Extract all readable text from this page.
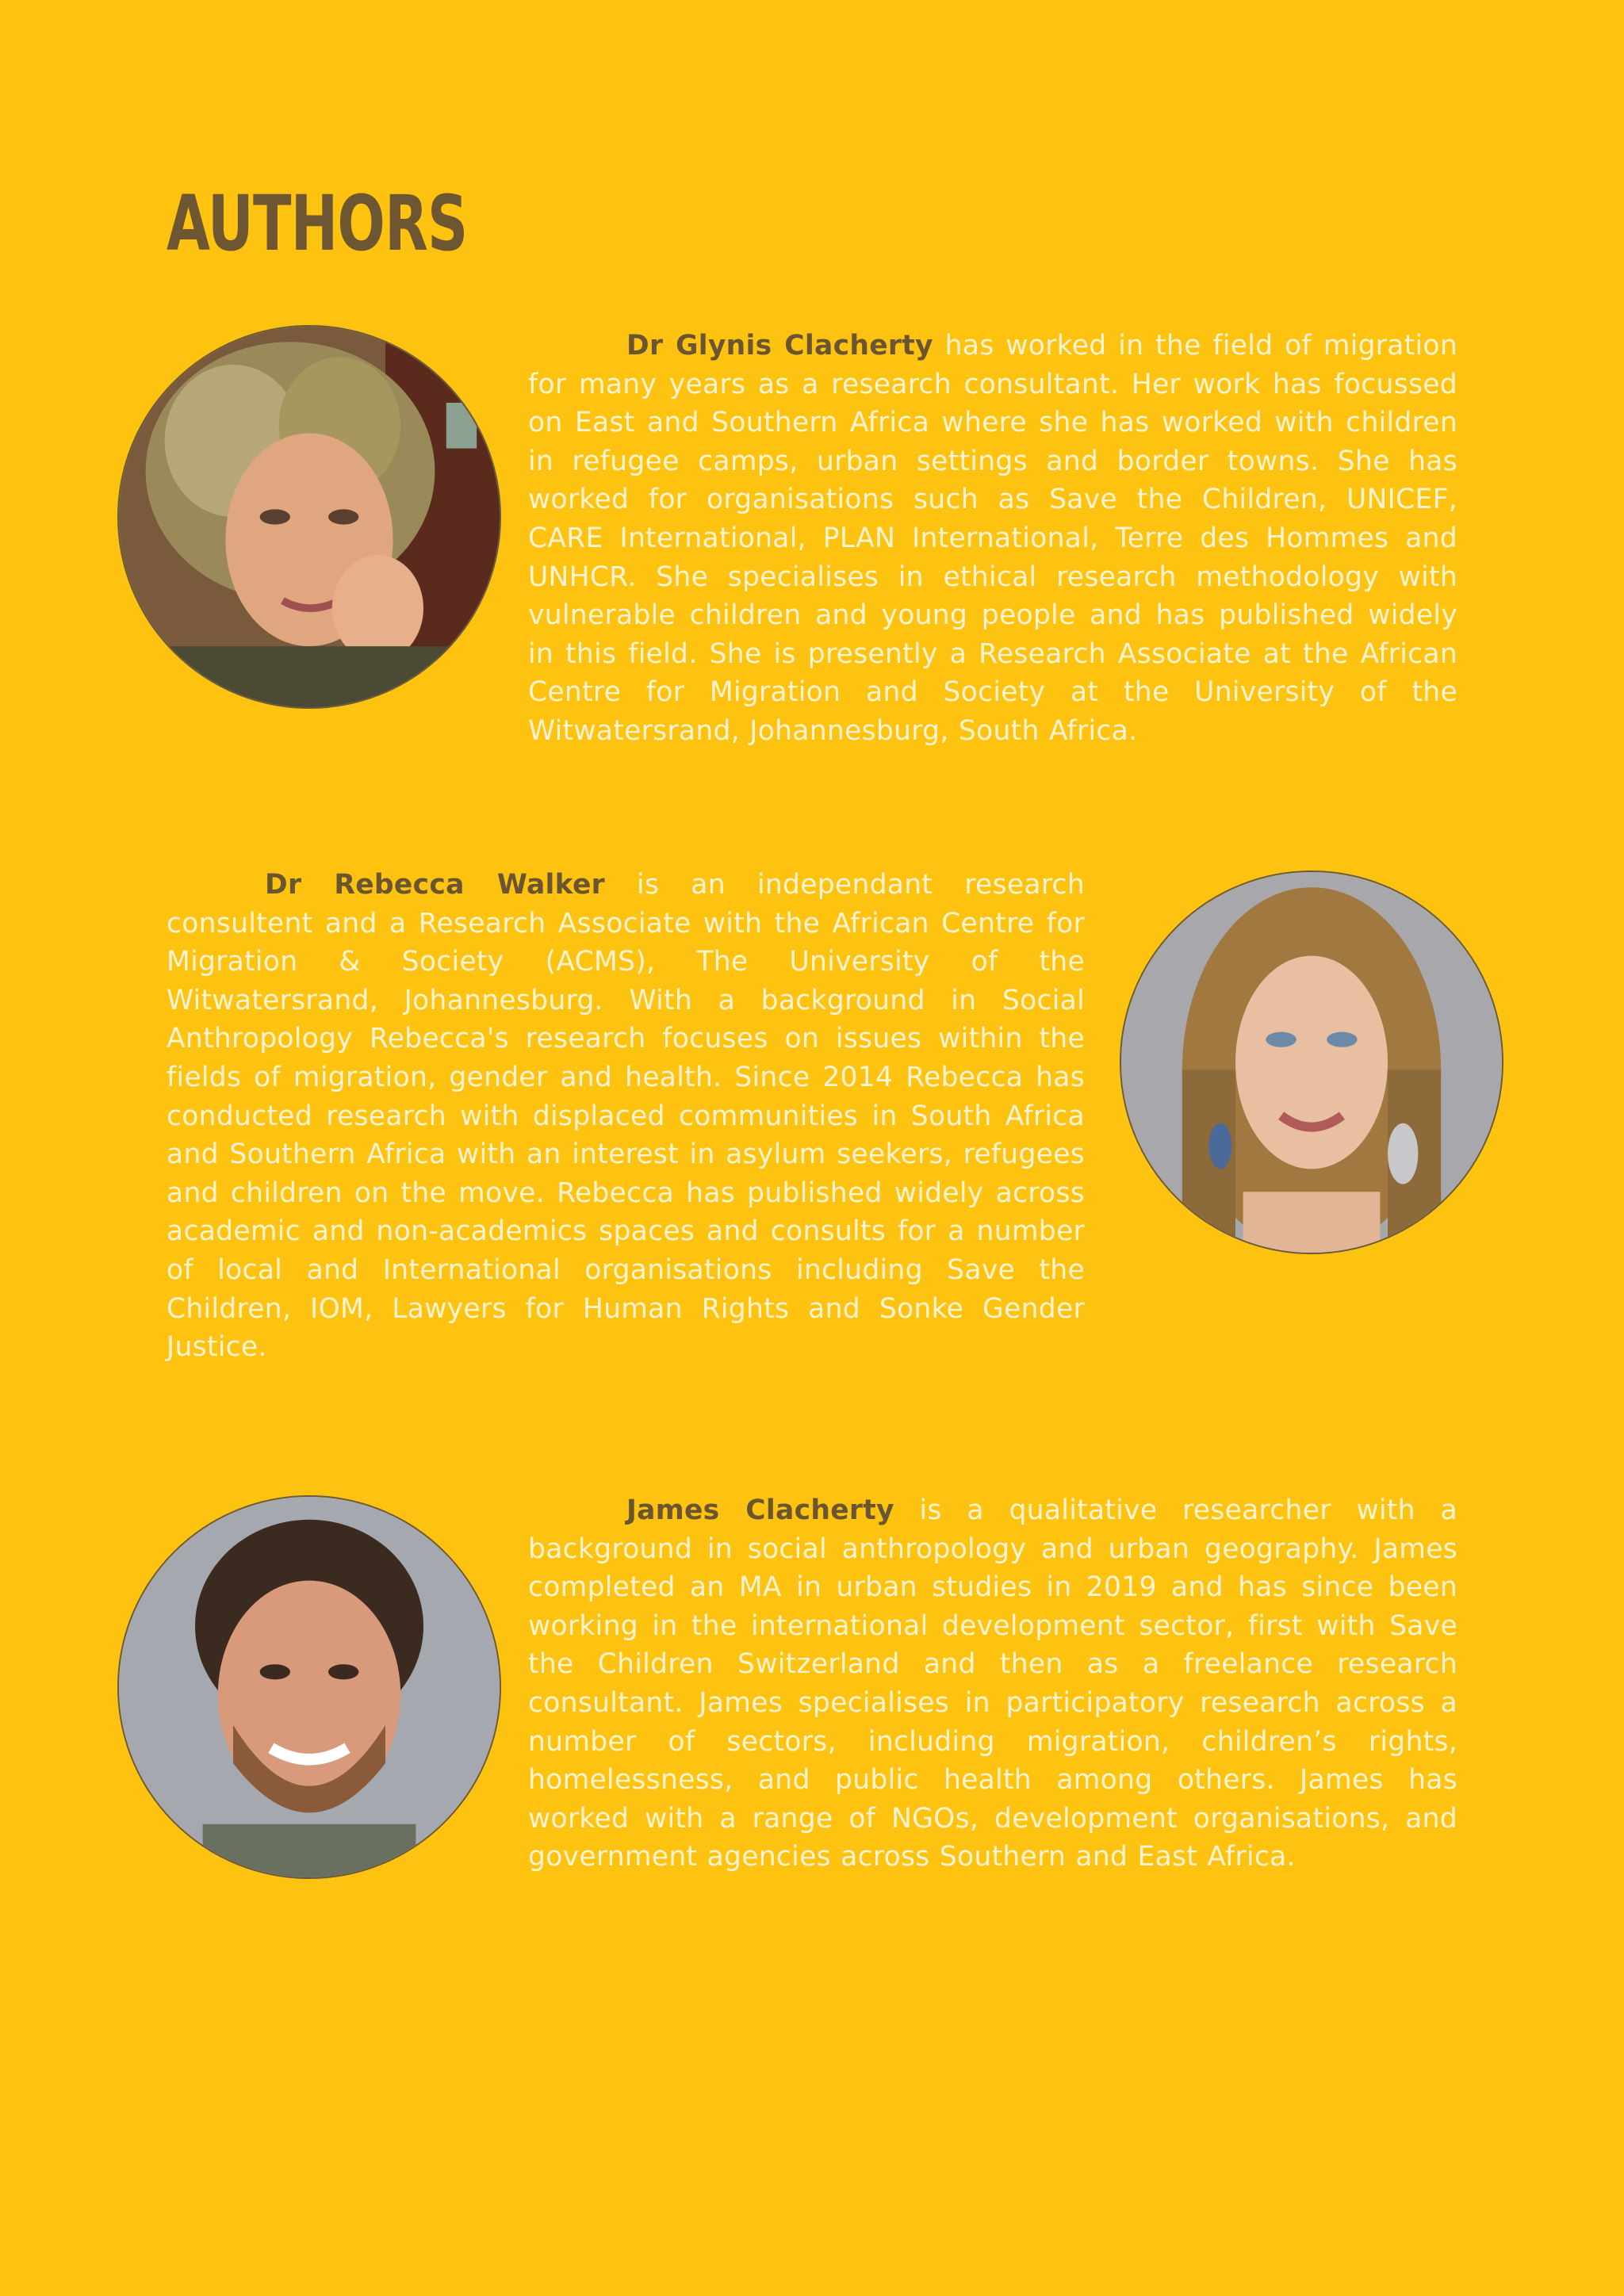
AUTHORS

Dr Glynis Clacherty has worked in the field of migration for many years as a research consultant. Her work has focussed on East and Southern Africa where she has worked with children in refugee camps, urban settings and border towns. She has worked for organisations such as Save the Children, UNICEF, CARE International, PLAN International, Terre des Hommes and UNHCR. She specialises in ethical research methodology with vulnerable children and young people and has published widely in this field. She is presently a Research Associate at the African Centre for Migration and Society at the University of the Witwatersrand, Johannesburg, South Africa.

Dr Rebecca Walker is an independant research consultent and a Research Associate with the African Centre for Migration & Society (ACMS), The University of the Witwatersrand, Johannesburg. With a background in Social Anthropology Rebecca's research focuses on issues within the fields of migration, gender and health. Since 2014 Rebecca has conducted research with displaced communities in South Africa and Southern Africa with an interest in asylum seekers, refugees and children on the move. Rebecca has published widely across academic and non-academics spaces and consults for a number of local and International organisations including Save the Children, IOM, Lawyers for Human Rights and Sonke Gender Justice.

James Clacherty is a qualitative researcher with a background in social anthropology and urban geography. James completed an MA in urban studies in 2019 and has since been working in the international development sector, first with Save the Children Switzerland and then as a freelance research consultant. James specialises in participatory research across a number of sectors, including migration, children’s rights, homelessness, and public health among others. James has worked with a range of NGOs, development organisations, and government agencies across Southern and East Africa.
